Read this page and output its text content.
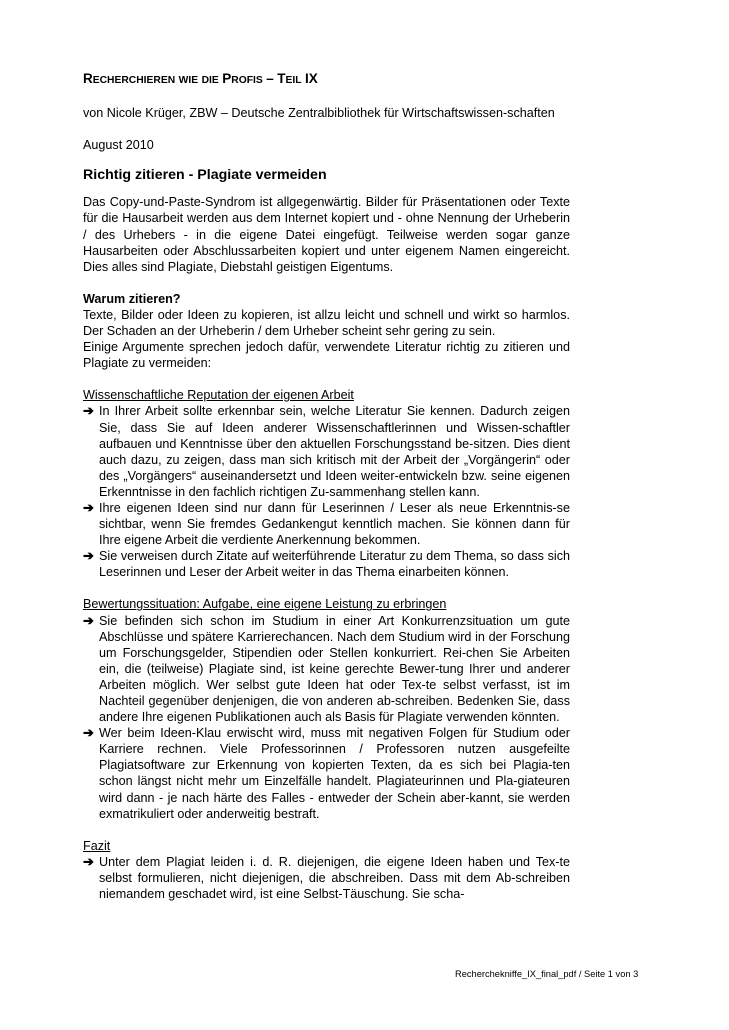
RECHERCHIEREN WIE DIE PROFIS – TEIL IX
von Nicole Krüger, ZBW – Deutsche Zentralbibliothek für Wirtschaftswissen-schaften
August 2010
Richtig zitieren - Plagiate vermeiden
Das Copy-und-Paste-Syndrom ist allgegenwärtig. Bilder für Präsentationen oder Texte für die Hausarbeit werden aus dem Internet kopiert und - ohne Nennung der Urheberin / des Urhebers - in die eigene Datei eingefügt. Teilweise werden sogar ganze Hausarbeiten oder Abschlussarbeiten kopiert und unter eigenem Namen eingereicht. Dies alles sind Plagiate, Diebstahl geistigen Eigentums.
Warum zitieren?
Texte, Bilder oder Ideen zu kopieren, ist allzu leicht und schnell und wirkt so harmlos. Der Schaden an der Urheberin / dem Urheber scheint sehr gering zu sein.
Einige Argumente sprechen jedoch dafür, verwendete Literatur richtig zu zitieren und Plagiate zu vermeiden:
Wissenschaftliche Reputation der eigenen Arbeit
➔ In Ihrer Arbeit sollte erkennbar sein, welche Literatur Sie kennen. Dadurch zeigen Sie, dass Sie auf Ideen anderer Wissenschaftlerinnen und Wissen-schaftler aufbauen und Kenntnisse über den aktuellen Forschungsstand be-sitzen. Dies dient auch dazu, zu zeigen, dass man sich kritisch mit der Arbeit der „Vorgängerin“ oder des „Vorgängers“ auseinandersetzt und Ideen weiter-entwickeln bzw. seine eigenen Erkenntnisse in den fachlich richtigen Zu-sammenhang stellen kann.
➔ Ihre eigenen Ideen sind nur dann für Leserinnen / Leser als neue Erkenntnis-se sichtbar, wenn Sie fremdes Gedankengut kenntlich machen. Sie können dann für Ihre eigene Arbeit die verdiente Anerkennung bekommen.
➔ Sie verweisen durch Zitate auf weiterführende Literatur zu dem Thema, so dass sich Leserinnen und Leser der Arbeit weiter in das Thema einarbeiten können.
Bewertungssituation: Aufgabe, eine eigene Leistung zu erbringen
➔ Sie befinden sich schon im Studium in einer Art Konkurrenzsituation um gute Abschlüsse und spätere Karrierechancen. Nach dem Studium wird in der Forschung um Forschungsgelder, Stipendien oder Stellen konkurriert. Rei-chen Sie Arbeiten ein, die (teilweise) Plagiate sind, ist keine gerechte Bewer-tung Ihrer und anderer Arbeiten möglich. Wer selbst gute Ideen hat oder Tex-te selbst verfasst, ist im Nachteil gegenüber denjenigen, die von anderen ab-schreiben. Bedenken Sie, dass andere Ihre eigenen Publikationen auch als Basis für Plagiate verwenden könnten.
➔ Wer beim Ideen-Klau erwischt wird, muss mit negativen Folgen für Studium oder Karriere rechnen. Viele Professorinnen / Professoren nutzen ausgefeilte Plagiatsoftware zur Erkennung von kopierten Texten, da es sich bei Plagia-ten schon längst nicht mehr um Einzelfälle handelt. Plagiateurinnen und Pla-giateuren wird dann - je nach härte des Falles - entweder der Schein aber-kannt, sie werden exmatrikuliert oder anderweitig bestraft.
Fazit
➔ Unter dem Plagiat leiden i. d. R. diejenigen, die eigene Ideen haben und Tex-te selbst formulieren, nicht diejenigen, die abschreiben. Dass mit dem Ab-schreiben niemandem geschadet wird, ist eine Selbst-Täuschung. Sie scha-
Recherchekniffe_IX_final_pdf / Seite 1 von 3
